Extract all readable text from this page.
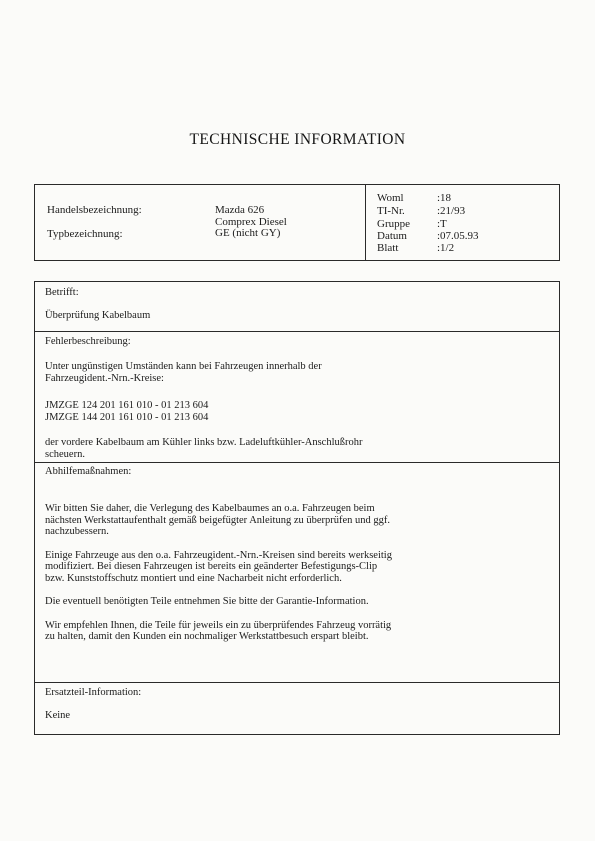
TECHNISCHE INFORMATION
Handelsbezeichnung:	Mazda 626
Comprex Diesel
Typbezeichnung:	GE (nicht GY)
Woml	:18
TI-Nr.	:21/93
Gruppe :T
Datum	:07.05.93
Blatt	:1/2
Betrifft:
Überprüfung Kabelbaum
Fehlerbeschreibung:
Unter ungünstigen Umständen kann bei Fahrzeugen innerhalb der
Fahrzeugident.-Nrn.-Kreise:
JMZGE 124 201 161 010 - 01 213 604
JMZGE 144 201 161 010 - 01 213 604
der vordere Kabelbaum am Kühler links bzw. Ladeluftkühler-Anschlußrohr
scheuern.
Abhilfemaßnahmen:
Wir bitten Sie daher, die Verlegung des Kabelbaumes an o.a. Fahrzeugen beim
nächsten Werkstattaufenthalt gemäß beigefügter Anleitung zu überprüfen und ggf.
nachzubessern.
Einige Fahrzeuge aus den o.a. Fahrzeugident.-Nrn.-Kreisen sind bereits werkseitig
modifiziert. Bei diesen Fahrzeugen ist bereits ein geänderter Befestigungs-Clip
bzw. Kunststoffschutz montiert und eine Nacharbeit nicht erforderlich.
Die eventuell benötigten Teile entnehmen Sie bitte der Garantie-Information.
Wir empfehlen Ihnen, die Teile für jeweils ein zu überprüfendes Fahrzeug vorrätig
zu halten, damit den Kunden ein nochmaliger Werkstattbesuch erspart bleibt.
Ersatzteil-Information:
Keine
